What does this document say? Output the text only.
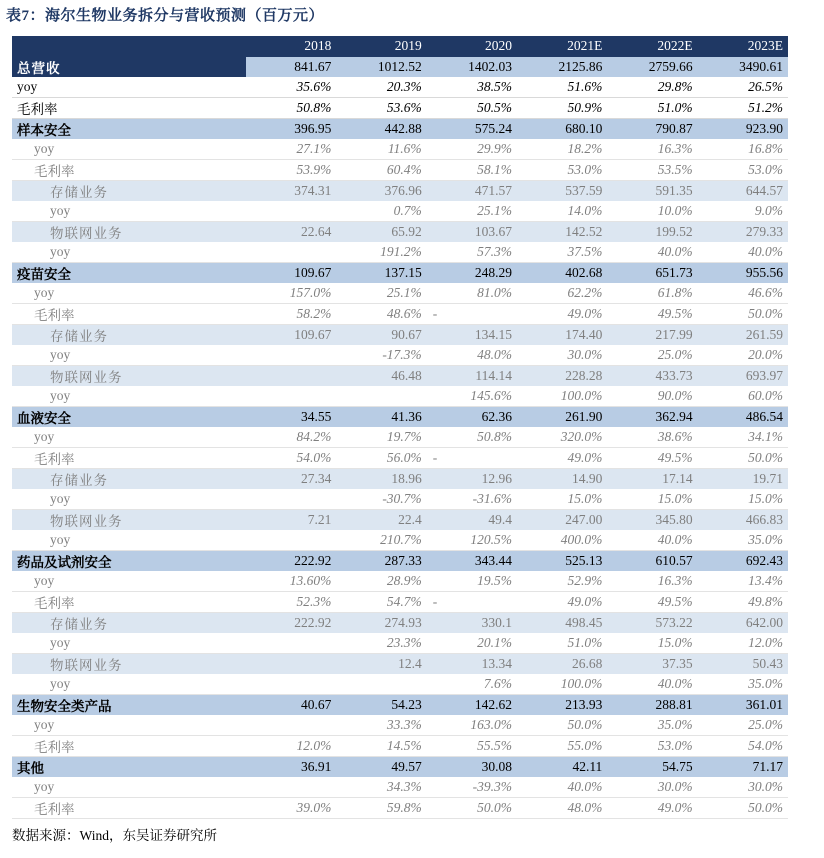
表7：海尔生物业务拆分与营收预测（百万元）
	2018	2019	2020	2021E	2022E	2023E
总营收	841.67	1012.52	1402.03	2125.86	2759.66	3490.61
yoy	35.6%	20.3%	38.5%	51.6%	29.8%	26.5%
毛利率	50.8%	53.6%	50.5%	50.9%	51.0%	51.2%
样本安全	396.95	442.88	575.24	680.10	790.87	923.90
yoy	27.1%	11.6%	29.9%	18.2%	16.3%	16.8%
毛利率	53.9%	60.4%	58.1%	53.0%	53.5%	53.0%
存储业务	374.31	376.96	471.57	537.59	591.35	644.57
yoy		0.7%	25.1%	14.0%	10.0%	9.0%
物联网业务	22.64	65.92	103.67	142.52	199.52	279.33
yoy		191.2%	57.3%	37.5%	40.0%	40.0%
疫苗安全	109.67	137.15	248.29	402.68	651.73	955.56
yoy	157.0%	25.1%	81.0%	62.2%	61.8%	46.6%
毛利率	58.2%	48.6%	-	49.0%	49.5%	50.0%
存储业务	109.67	90.67	134.15	174.40	217.99	261.59
yoy		-17.3%	48.0%	30.0%	25.0%	20.0%
物联网业务		46.48	114.14	228.28	433.73	693.97
yoy			145.6%	100.0%	90.0%	60.0%
血液安全	34.55	41.36	62.36	261.90	362.94	486.54
yoy	84.2%	19.7%	50.8%	320.0%	38.6%	34.1%
毛利率	54.0%	56.0%	-	49.0%	49.5%	50.0%
存储业务	27.34	18.96	12.96	14.90	17.14	19.71
yoy		-30.7%	-31.6%	15.0%	15.0%	15.0%
物联网业务	7.21	22.4	49.4	247.00	345.80	466.83
yoy		210.7%	120.5%	400.0%	40.0%	35.0%
药品及试剂安全	222.92	287.33	343.44	525.13	610.57	692.43
yoy	13.60%	28.9%	19.5%	52.9%	16.3%	13.4%
毛利率	52.3%	54.7%	-	49.0%	49.5%	49.8%
存储业务	222.92	274.93	330.1	498.45	573.22	642.00
yoy		23.3%	20.1%	51.0%	15.0%	12.0%
物联网业务		12.4	13.34	26.68	37.35	50.43
yoy			7.6%	100.0%	40.0%	35.0%
生物安全类产品	40.67	54.23	142.62	213.93	288.81	361.01
yoy		33.3%	163.0%	50.0%	35.0%	25.0%
毛利率	12.0%	14.5%	55.5%	55.0%	53.0%	54.0%
其他	36.91	49.57	30.08	42.11	54.75	71.17
yoy		34.3%	-39.3%	40.0%	30.0%	30.0%
毛利率	39.0%	59.8%	50.0%	48.0%	49.0%	50.0%
数据来源：Wind，东吴证券研究所
